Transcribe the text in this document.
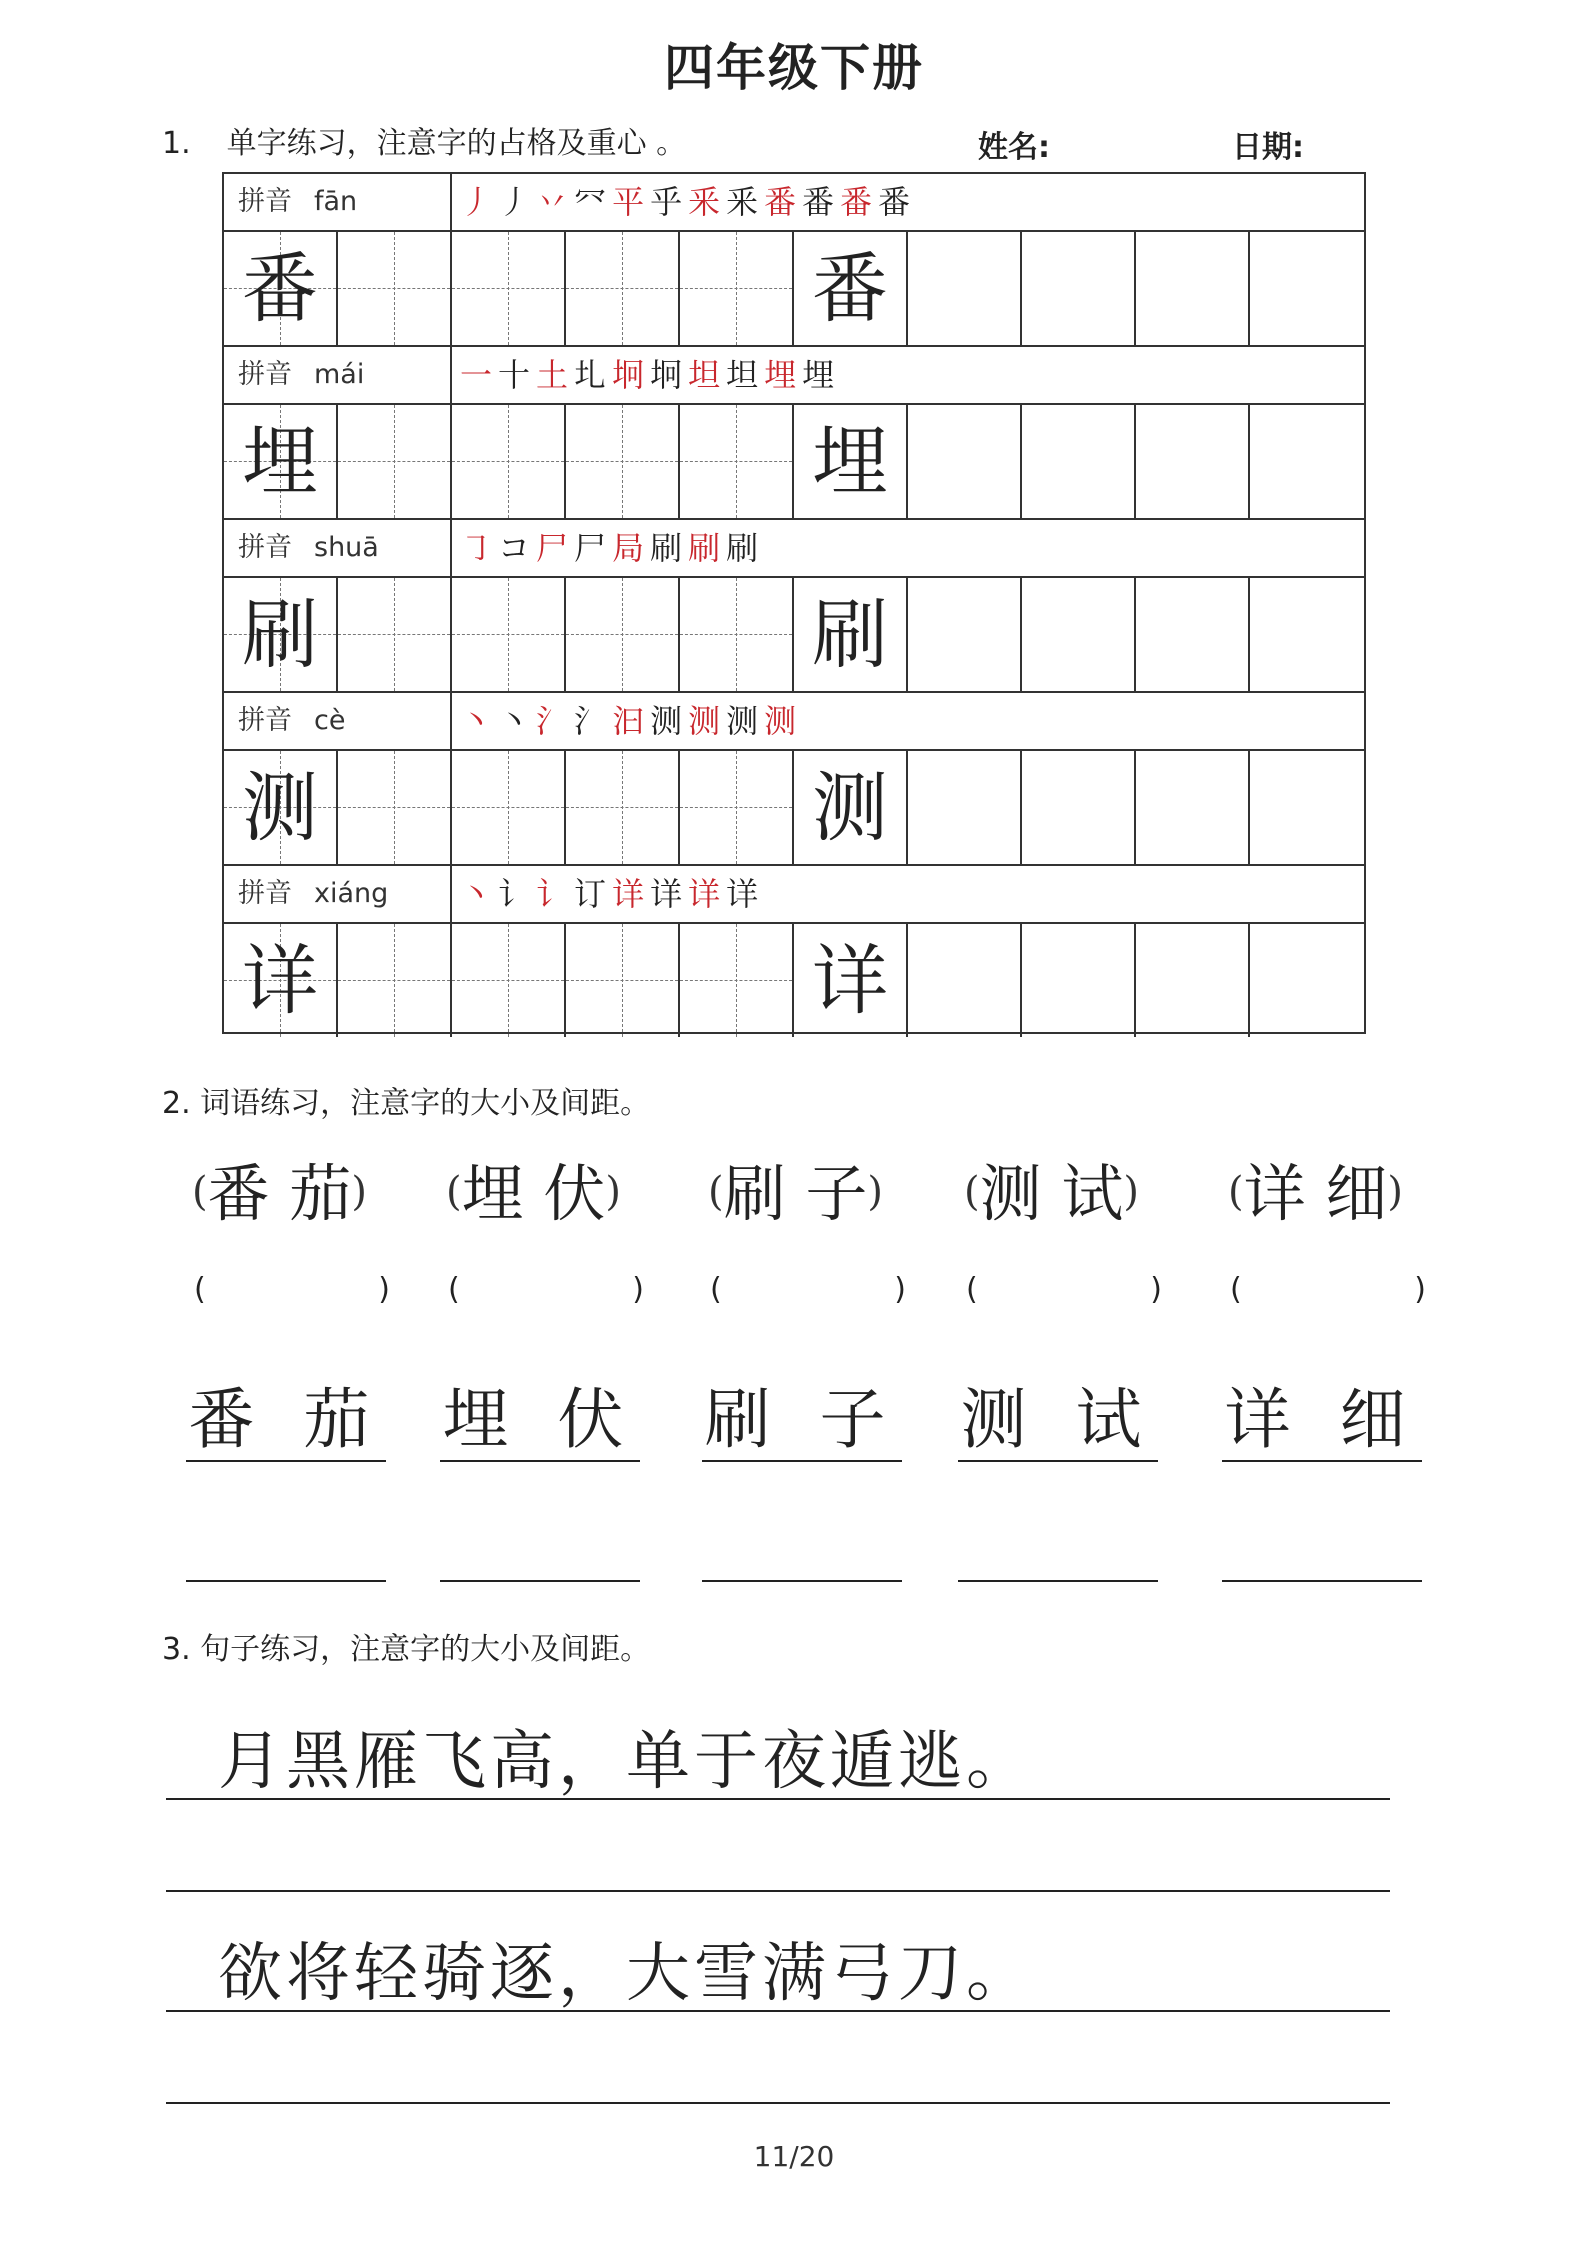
四年级下册
1. 单字练习，注意字的占格及重心 。	姓名:	日期:
拼音 fān	丿丿丷㓁平乎釆釆番番番番
番	番
拼音 mái	一十土圠坰坰坦坦埋埋
埋	埋
拼音 shuā	㇆コ尸尸局刷刷刷
刷	刷
拼音 cè	丶丶氵氵汩测测测测
测	测
拼音 xiáng	丶讠讠订详详详详
详	详
2. 词语练习，注意字的大小及间距。
(番 茄)
(	)
番 茄
(埋 伏)
(	)
埋 伏
(刷 子)
(	)
刷 子
(测 试)
(	)
测 试
(详 细)
(	)
详 细
3. 句子练习，注意字的大小及间距。
月黑雁飞高，单于夜遁逃。
欲将轻骑逐，大雪满弓刀。
11/20
